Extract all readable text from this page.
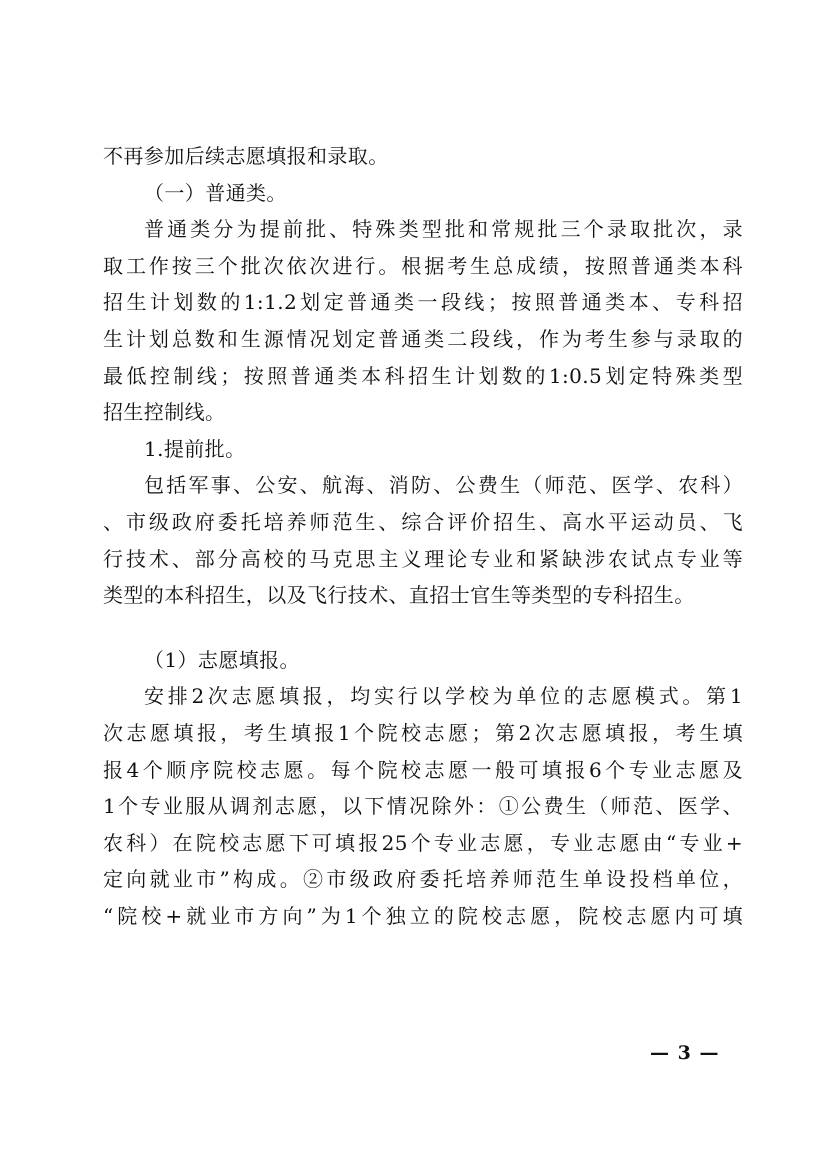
不再参加后续志愿填报和录取。
（一）普通类。
普通类分为提前批、特殊类型批和常规批三个录取批次，录
取工作按三个批次依次进行。根据考生总成绩，按照普通类本科
招生计划数的1:1.2划定普通类一段线；按照普通类本、专科招
生计划总数和生源情况划定普通类二段线，作为考生参与录取的
最低控制线；按照普通类本科招生计划数的1:0.5划定特殊类型
招生控制线。
1.提前批。
包括军事、公安、航海、消防、公费生（师范、医学、农科）
、市级政府委托培养师范生、综合评价招生、高水平运动员、飞
行技术、部分高校的马克思主义理论专业和紧缺涉农试点专业等
类型的本科招生，以及飞行技术、直招士官生等类型的专科招生。
（1）志愿填报。
安排2次志愿填报，均实行以学校为单位的志愿模式。第1
次志愿填报，考生填报1个院校志愿；第2次志愿填报，考生填
报4个顺序院校志愿。每个院校志愿一般可填报6个专业志愿及
1个专业服从调剂志愿，以下情况除外：①公费生（师范、医学、
农科）在院校志愿下可填报25个专业志愿，专业志愿由“专业+
定向就业市”构成。②市级政府委托培养师范生单设投档单位，
“院校+就业市方向”为1个独立的院校志愿，院校志愿内可填
— 3 —
